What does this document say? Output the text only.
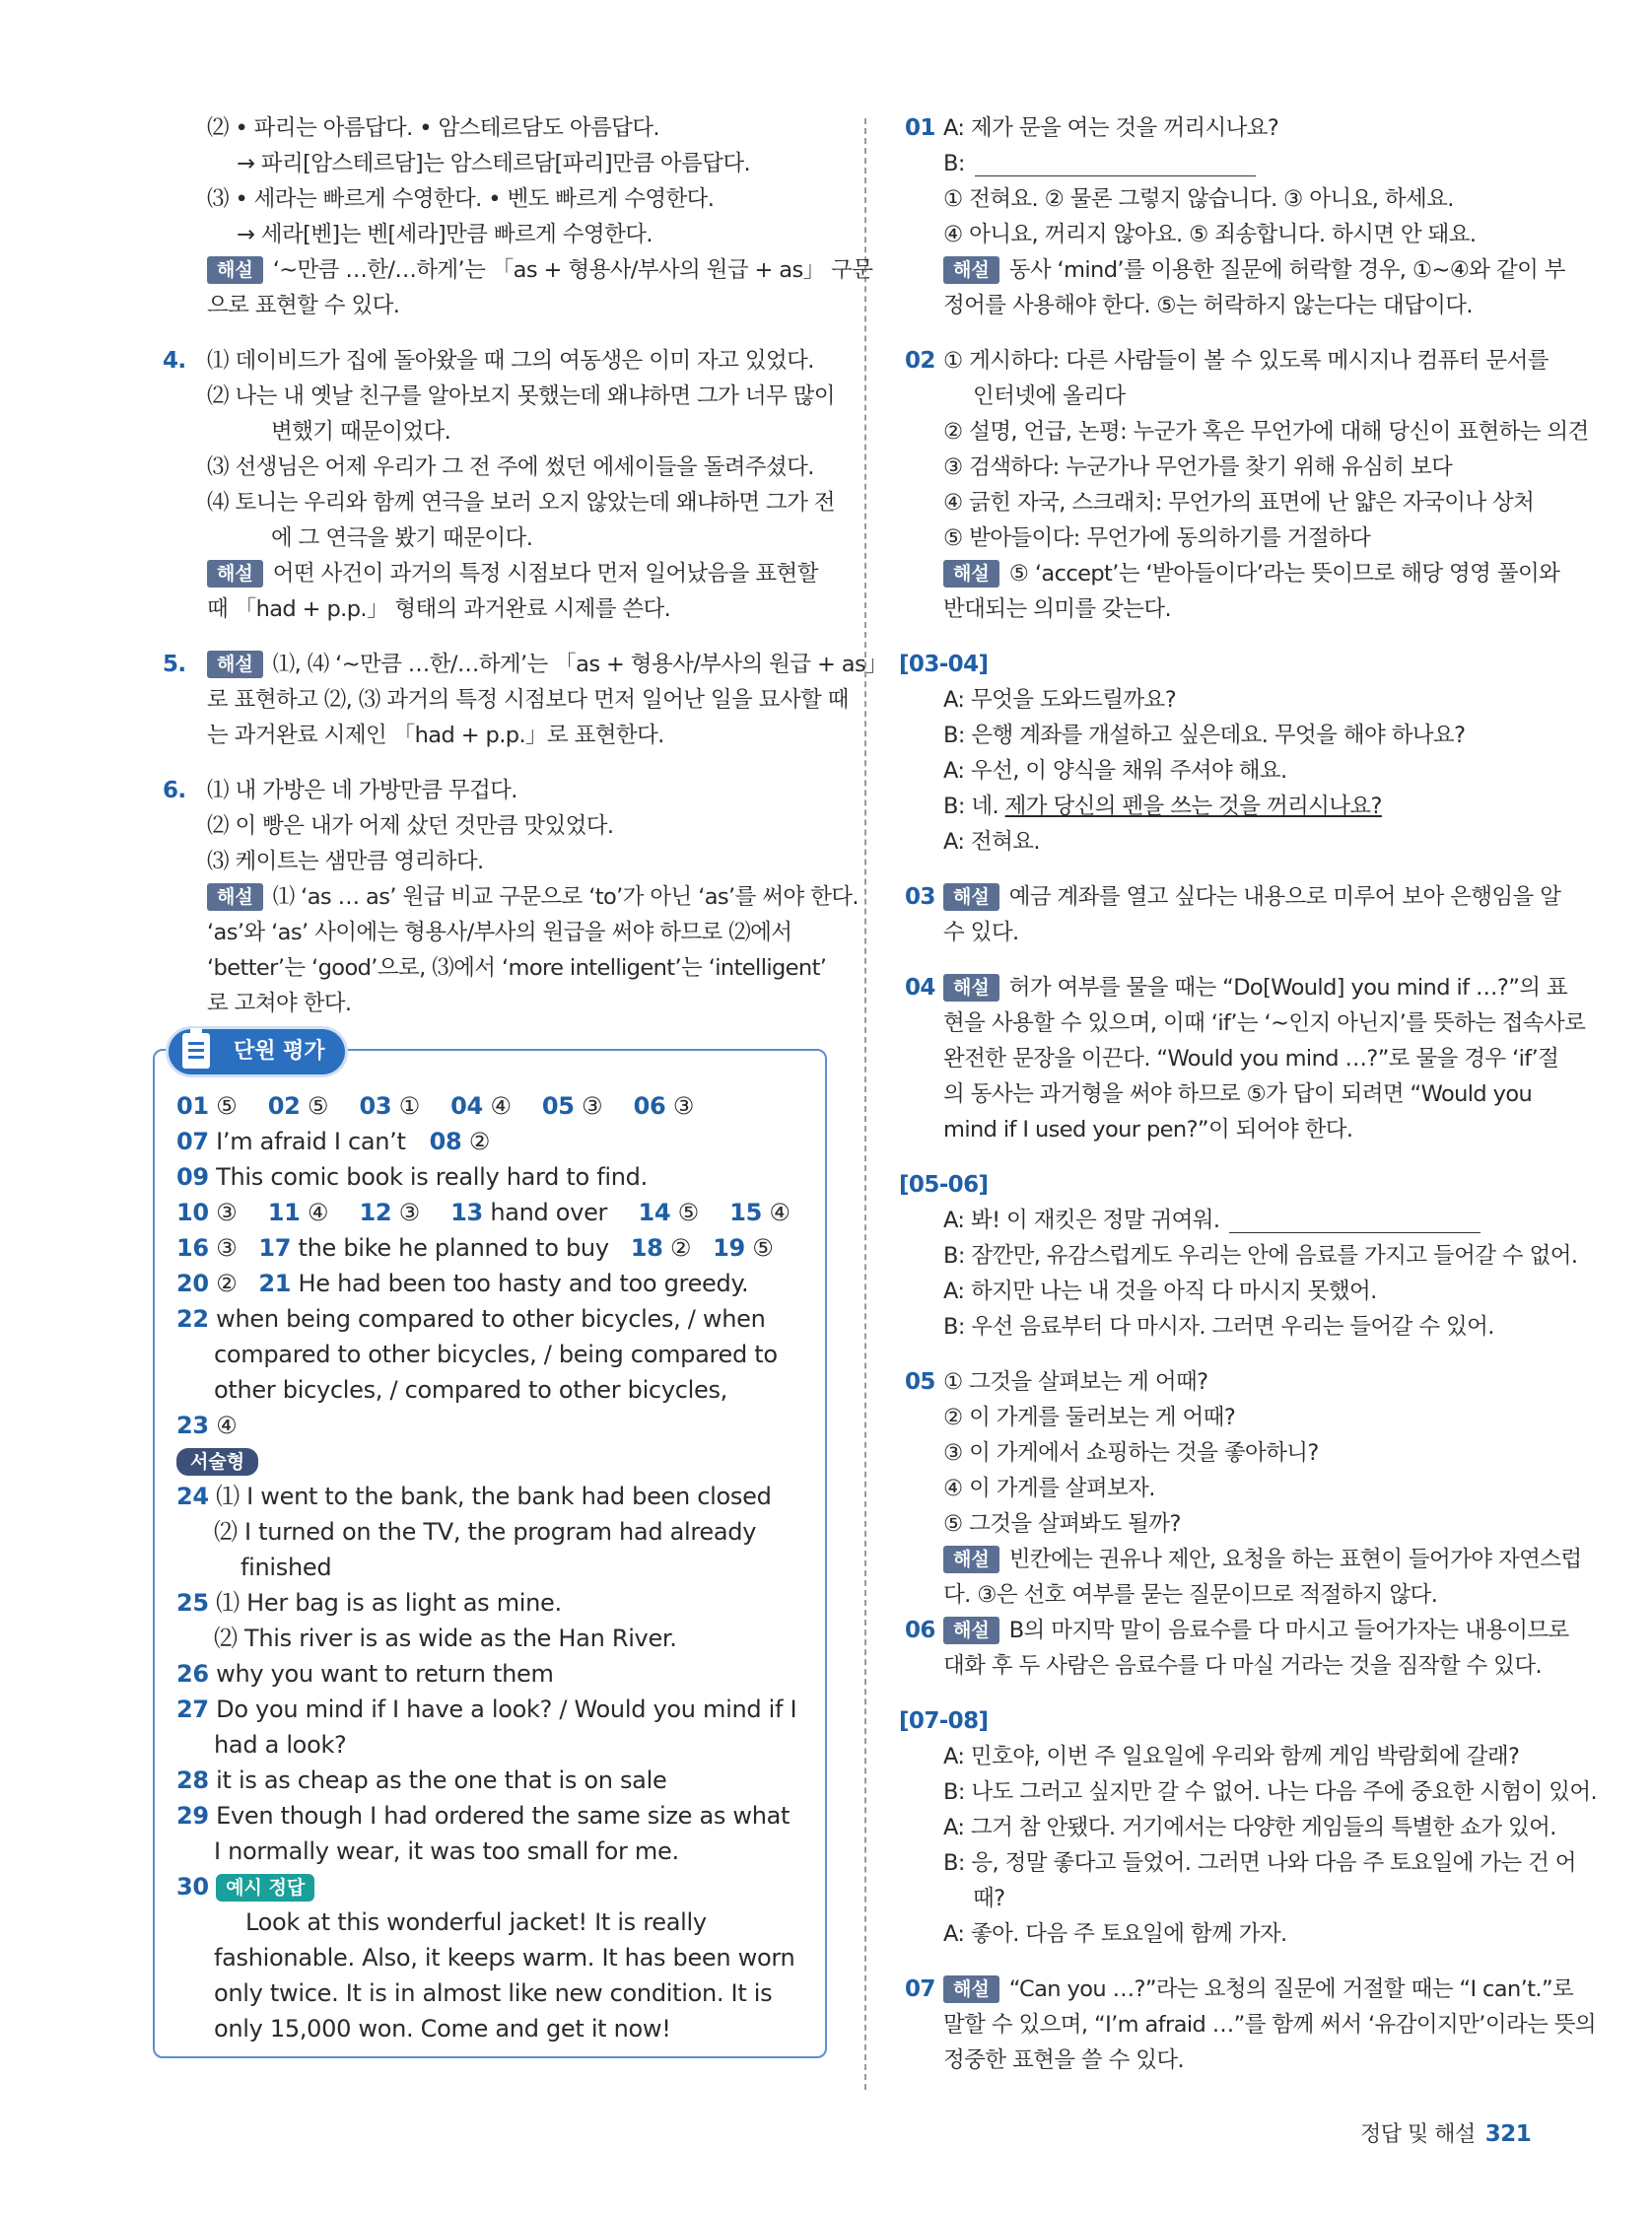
⑵ • 파리는 아름답다. • 암스테르담도 아름답다.
→ 파리[암스테르담]는 암스테르담[파리]만큼 아름답다.
⑶ • 세라는 빠르게 수영한다. • 벤도 빠르게 수영한다.
→ 세라[벤]는 벤[세라]만큼 빠르게 수영한다.
해설 ‘~만큼 …한/…하게’는 「as + 형용사/부사의 원급 + as」 구문
으로 표현할 수 있다.
4. ⑴ 데이비드가 집에 돌아왔을 때 그의 여동생은 이미 자고 있었다.
⑵ 나는 내 옛날 친구를 알아보지 못했는데 왜냐하면 그가 너무 많이
변했기 때문이었다.
⑶ 선생님은 어제 우리가 그 전 주에 썼던 에세이들을 돌려주셨다.
⑷ 토니는 우리와 함께 연극을 보러 오지 않았는데 왜냐하면 그가 전
에 그 연극을 봤기 때문이다.
해설 어떤 사건이 과거의 특정 시점보다 먼저 일어났음을 표현할
때 「had + p.p.」 형태의 과거완료 시제를 쓴다.
5. 해설 ⑴, ⑷ ‘~만큼 …한/…하게’는 「as + 형용사/부사의 원급 + as」
로 표현하고 ⑵, ⑶ 과거의 특정 시점보다 먼저 일어난 일을 묘사할 때
는 과거완료 시제인 「had + p.p.」로 표현한다.
6. ⑴ 내 가방은 네 가방만큼 무겁다.
⑵ 이 빵은 내가 어제 샀던 것만큼 맛있었다.
⑶ 케이트는 샘만큼 영리하다.
해설 ⑴ ‘as … as’ 원급 비교 구문으로 ‘to’가 아닌 ‘as’를 써야 한다.
‘as’와 ‘as’ 사이에는 형용사/부사의 원급을 써야 하므로 ⑵에서
‘better’는 ‘good’으로, ⑶에서 ‘more intelligent’는 ‘intelligent’
로 고쳐야 한다.
단원 평가
01 ⑤ 02 ⑤ 03 ① 04 ④ 05 ③ 06 ③
07 I’m afraid I can’t 08 ②
09 This comic book is really hard to find.
10 ③ 11 ④ 12 ③ 13 hand over 14 ⑤ 15 ④
16 ③ 17 the bike he planned to buy 18 ② 19 ⑤
20 ② 21 He had been too hasty and too greedy.
22 when being compared to other bicycles, / when
compared to other bicycles, / being compared to
other bicycles, / compared to other bicycles,
23 ④
서술형
24 ⑴ I went to the bank, the bank had been closed
⑵ I turned on the TV, the program had already
finished
25 ⑴ Her bag is as light as mine.
⑵ This river is as wide as the Han River.
26 why you want to return them
27 Do you mind if I have a look? / Would you mind if I
had a look?
28 it is as cheap as the one that is on sale
29 Even though I had ordered the same size as what
I normally wear, it was too small for me.
30 예시 정답
Look at this wonderful jacket! It is really
fashionable. Also, it keeps warm. It has been worn
only twice. It is in almost like new condition. It is
only 15,000 won. Come and get it now!
01 A: 제가 문을 여는 것을 꺼리시나요?
B:
① 전혀요. ② 물론 그렇지 않습니다. ③ 아니요, 하세요.
④ 아니요, 꺼리지 않아요. ⑤ 죄송합니다. 하시면 안 돼요.
해설 동사 ‘mind’를 이용한 질문에 허락할 경우, ①~④와 같이 부
정어를 사용해야 한다. ⑤는 허락하지 않는다는 대답이다.
02 ① 게시하다: 다른 사람들이 볼 수 있도록 메시지나 컴퓨터 문서를
인터넷에 올리다
② 설명, 언급, 논평: 누군가 혹은 무언가에 대해 당신이 표현하는 의견
③ 검색하다: 누군가나 무언가를 찾기 위해 유심히 보다
④ 긁힌 자국, 스크래치: 무언가의 표면에 난 얇은 자국이나 상처
⑤ 받아들이다: 무언가에 동의하기를 거절하다
해설 ⑤ ‘accept’는 ‘받아들이다’라는 뜻이므로 해당 영영 풀이와
반대되는 의미를 갖는다.
[03-04]
A: 무엇을 도와드릴까요?
B: 은행 계좌를 개설하고 싶은데요. 무엇을 해야 하나요?
A: 우선, 이 양식을 채워 주셔야 해요.
B: 네. 제가 당신의 펜을 쓰는 것을 꺼리시나요?
A: 전혀요.
03 해설 예금 계좌를 열고 싶다는 내용으로 미루어 보아 은행임을 알
수 있다.
04 해설 허가 여부를 물을 때는 “Do[Would] you mind if …?”의 표
현을 사용할 수 있으며, 이때 ‘if’는 ‘~인지 아닌지’를 뜻하는 접속사로
완전한 문장을 이끈다. “Would you mind …?”로 물을 경우 ‘if’절
의 동사는 과거형을 써야 하므로 ⑤가 답이 되려면 “Would you
mind if I used your pen?”이 되어야 한다.
[05-06]
A: 봐! 이 재킷은 정말 귀여워.
B: 잠깐만, 유감스럽게도 우리는 안에 음료를 가지고 들어갈 수 없어.
A: 하지만 나는 내 것을 아직 다 마시지 못했어.
B: 우선 음료부터 다 마시자. 그러면 우리는 들어갈 수 있어.
05 ① 그것을 살펴보는 게 어때?
② 이 가게를 둘러보는 게 어때?
③ 이 가게에서 쇼핑하는 것을 좋아하니?
④ 이 가게를 살펴보자.
⑤ 그것을 살펴봐도 될까?
해설 빈칸에는 권유나 제안, 요청을 하는 표현이 들어가야 자연스럽
다. ③은 선호 여부를 묻는 질문이므로 적절하지 않다.
06 해설 B의 마지막 말이 음료수를 다 마시고 들어가자는 내용이므로
대화 후 두 사람은 음료수를 다 마실 거라는 것을 짐작할 수 있다.
[07-08]
A: 민호야, 이번 주 일요일에 우리와 함께 게임 박람회에 갈래?
B: 나도 그러고 싶지만 갈 수 없어. 나는 다음 주에 중요한 시험이 있어.
A: 그거 참 안됐다. 거기에서는 다양한 게임들의 특별한 쇼가 있어.
B: 응, 정말 좋다고 들었어. 그러면 나와 다음 주 토요일에 가는 건 어
때?
A: 좋아. 다음 주 토요일에 함께 가자.
07 해설 “Can you …?”라는 요청의 질문에 거절할 때는 “I can’t.”로
말할 수 있으며, “I’m afraid …”를 함께 써서 ‘유감이지만’이라는 뜻의
정중한 표현을 쓸 수 있다.
정답 및 해설 321
